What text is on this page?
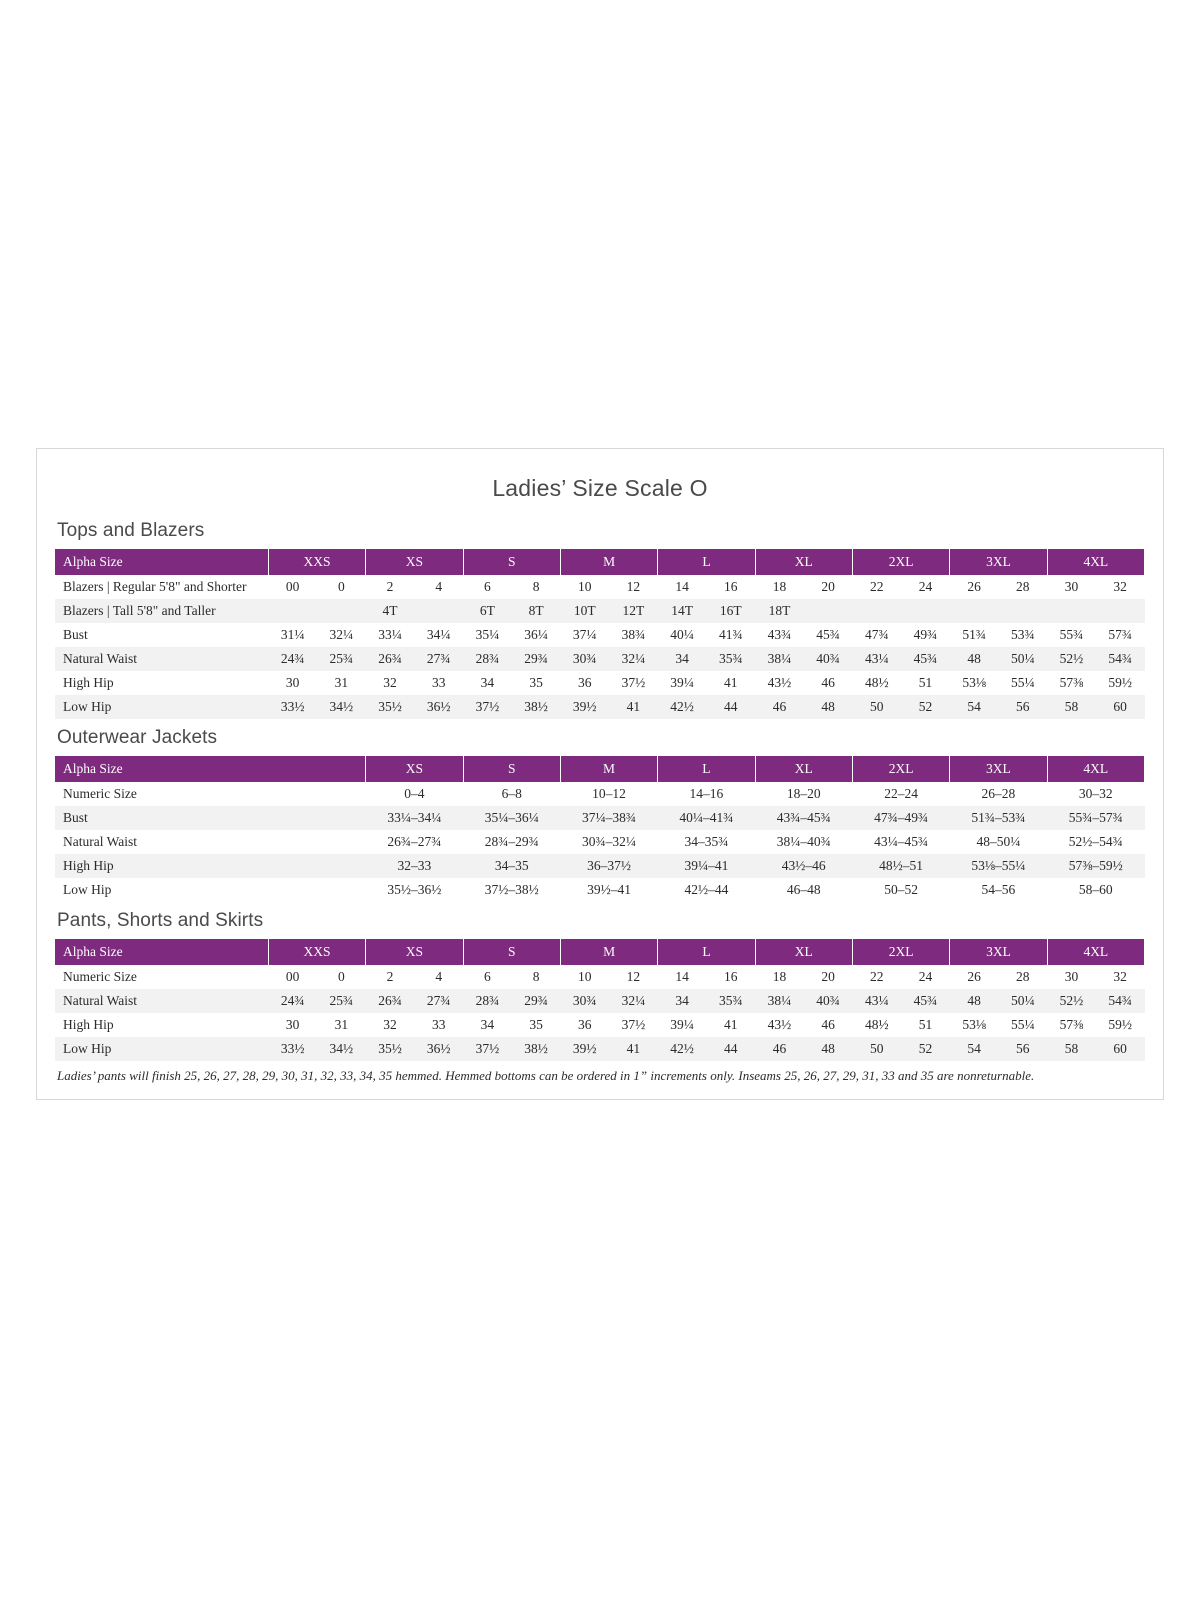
Ladies’ Size Scale O
Tops and Blazers
Alpha Size	XXS		XS		S		M		L		XL		2XL		3XL		4XL	
Blazers | Regular 5'8" and Shorter	00	0	2	4	6	8	10	12	14	16	18	20	22	24	26	28	30	32
Blazers | Tall 5'8" and Taller			4T		6T	8T	10T	12T	14T	16T	18T							
Bust	31¼	32¼	33¼	34¼	35¼	36¼	37¼	38¾	40¼	41¾	43¾	45¾	47¾	49¾	51¾	53¾	55¾	57¾
Natural Waist	24¾	25¾	26¾	27¾	28¾	29¾	30¾	32¼	34	35¾	38¼	40¾	43¼	45¾	48	50¼	52½	54¾
High Hip	30	31	32	33	34	35	36	37½	39¼	41	43½	46	48½	51	53⅛	55¼	57⅜	59½
Low Hip	33½	34½	35½	36½	37½	38½	39½	41	42½	44	46	48	50	52	54	56	58	60
Outerwear Jackets
Alpha Size	XS	S	M	L	XL	2XL	3XL	4XL
Numeric Size	0–4	6–8	10–12	14–16	18–20	22–24	26–28	30–32
Bust	33¼–34¼	35¼–36¼	37¼–38¾	40¼–41¾	43¾–45¾	47¾–49¾	51¾–53¾	55¾–57¾
Natural Waist	26¾–27¾	28¾–29¾	30¾–32¼	34–35¾	38¼–40¾	43¼–45¾	48–50¼	52½–54¾
High Hip	32–33	34–35	36–37½	39¼–41	43½–46	48½–51	53⅛–55¼	57⅜–59½
Low Hip	35½–36½	37½–38½	39½–41	42½–44	46–48	50–52	54–56	58–60
Pants, Shorts and Skirts
Alpha Size	XXS		XS		S		M		L		XL		2XL		3XL		4XL	
Numeric Size	00	0	2	4	6	8	10	12	14	16	18	20	22	24	26	28	30	32
Natural Waist	24¾	25¾	26¾	27¾	28¾	29¾	30¾	32¼	34	35¾	38¼	40¾	43¼	45¾	48	50¼	52½	54¾
High Hip	30	31	32	33	34	35	36	37½	39¼	41	43½	46	48½	51	53⅛	55¼	57⅜	59½
Low Hip	33½	34½	35½	36½	37½	38½	39½	41	42½	44	46	48	50	52	54	56	58	60
Ladies’ pants will finish 25, 26, 27, 28, 29, 30, 31, 32, 33, 34, 35 hemmed. Hemmed bottoms can be ordered in 1” increments only. Inseams 25, 26, 27, 29, 31, 33 and 35 are nonreturnable.
